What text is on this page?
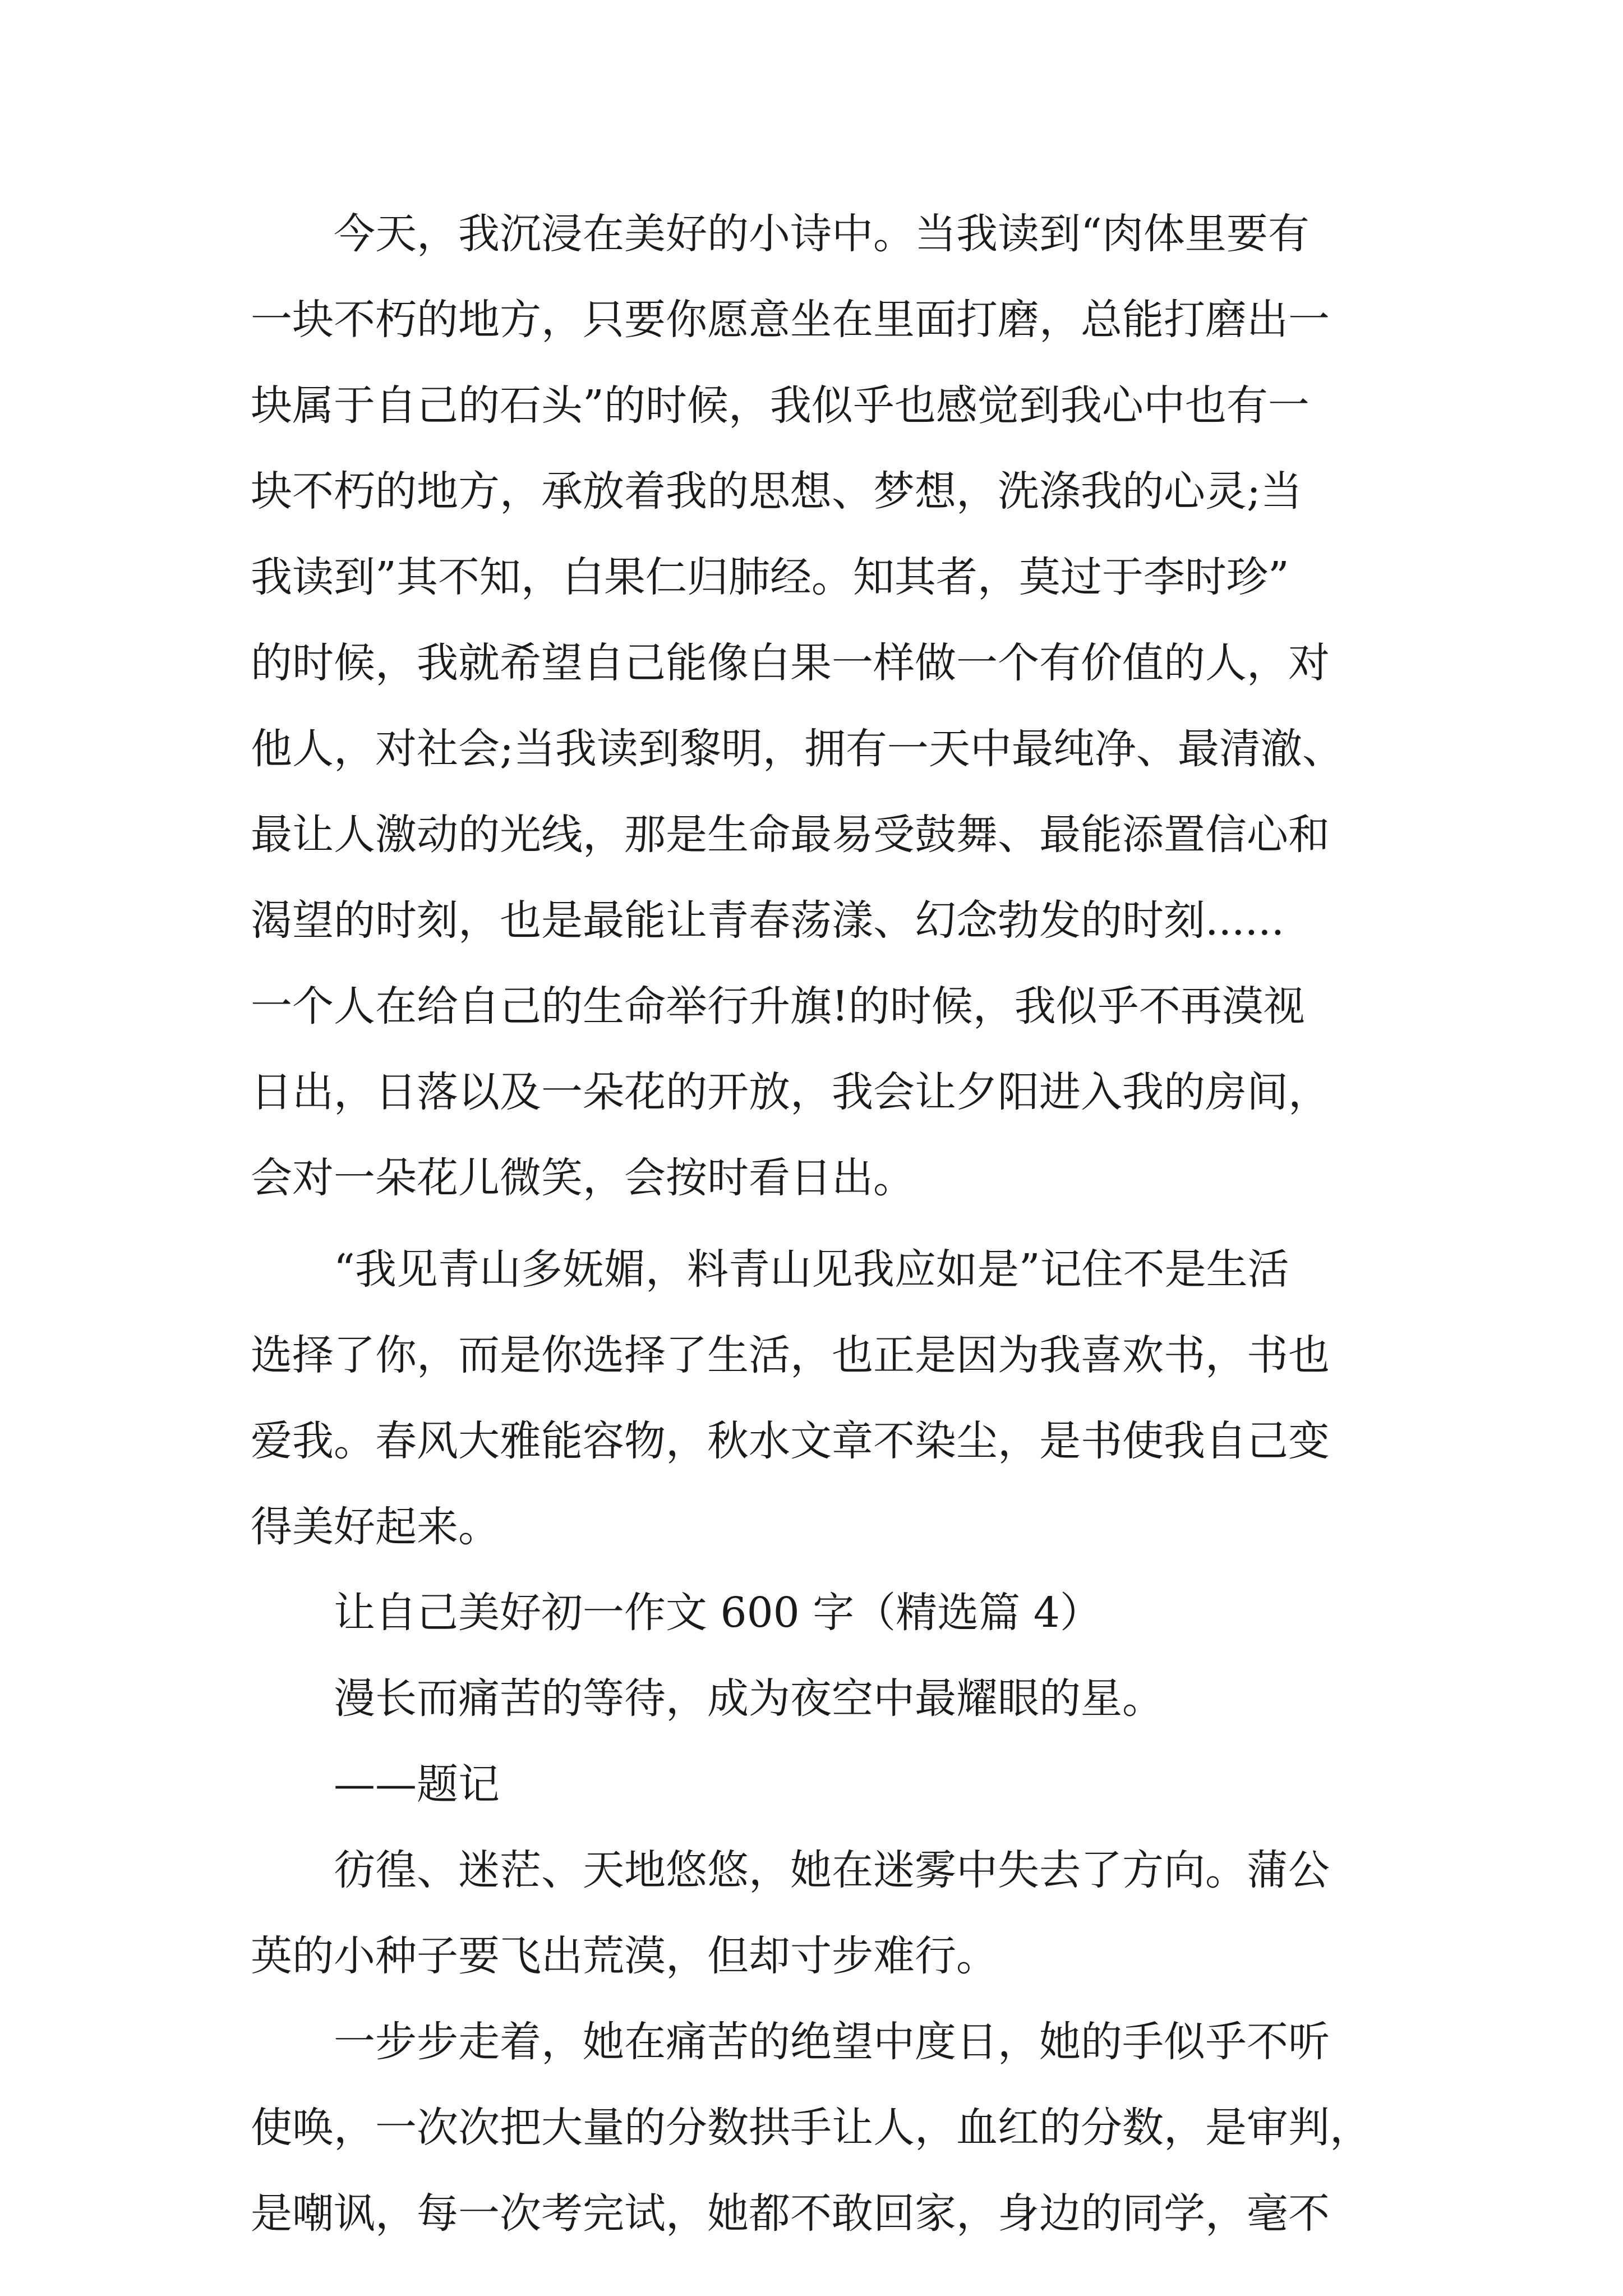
　　今天，我沉浸在美好的小诗中。当我读到“肉体里要有
一块不朽的地方，只要你愿意坐在里面打磨，总能打磨出一
块属于自己的石头”的时候，我似乎也感觉到我心中也有一
块不朽的地方，承放着我的思想、梦想，洗涤我的心灵;当
我读到”其不知，白果仁归肺经。知其者，莫过于李时珍”
的时候，我就希望自己能像白果一样做一个有价值的人，对
他人，对社会;当我读到黎明，拥有一天中最纯净、最清澈、
最让人激动的光线，那是生命最易受鼓舞、最能添置信心和
渴望的时刻，也是最能让青春荡漾、幻念勃发的时刻......
一个人在给自己的生命举行升旗!的时候，我似乎不再漠视
日出，日落以及一朵花的开放，我会让夕阳进入我的房间，
会对一朵花儿微笑，会按时看日出。
　　“我见青山多妩媚，料青山见我应如是”记住不是生活
选择了你，而是你选择了生活，也正是因为我喜欢书，书也
爱我。春风大雅能容物，秋水文章不染尘，是书使我自己变
得美好起来。
　　让自己美好初一作文 600 字（精选篇 4）
　　漫长而痛苦的等待，成为夜空中最耀眼的星。
　　——题记
　　彷徨、迷茫、天地悠悠，她在迷雾中失去了方向。蒲公
英的小种子要飞出荒漠，但却寸步难行。
　　一步步走着，她在痛苦的绝望中度日，她的手似乎不听
使唤，一次次把大量的分数拱手让人，血红的分数，是审判，
是嘲讽，每一次考完试，她都不敢回家，身边的同学，毫不
